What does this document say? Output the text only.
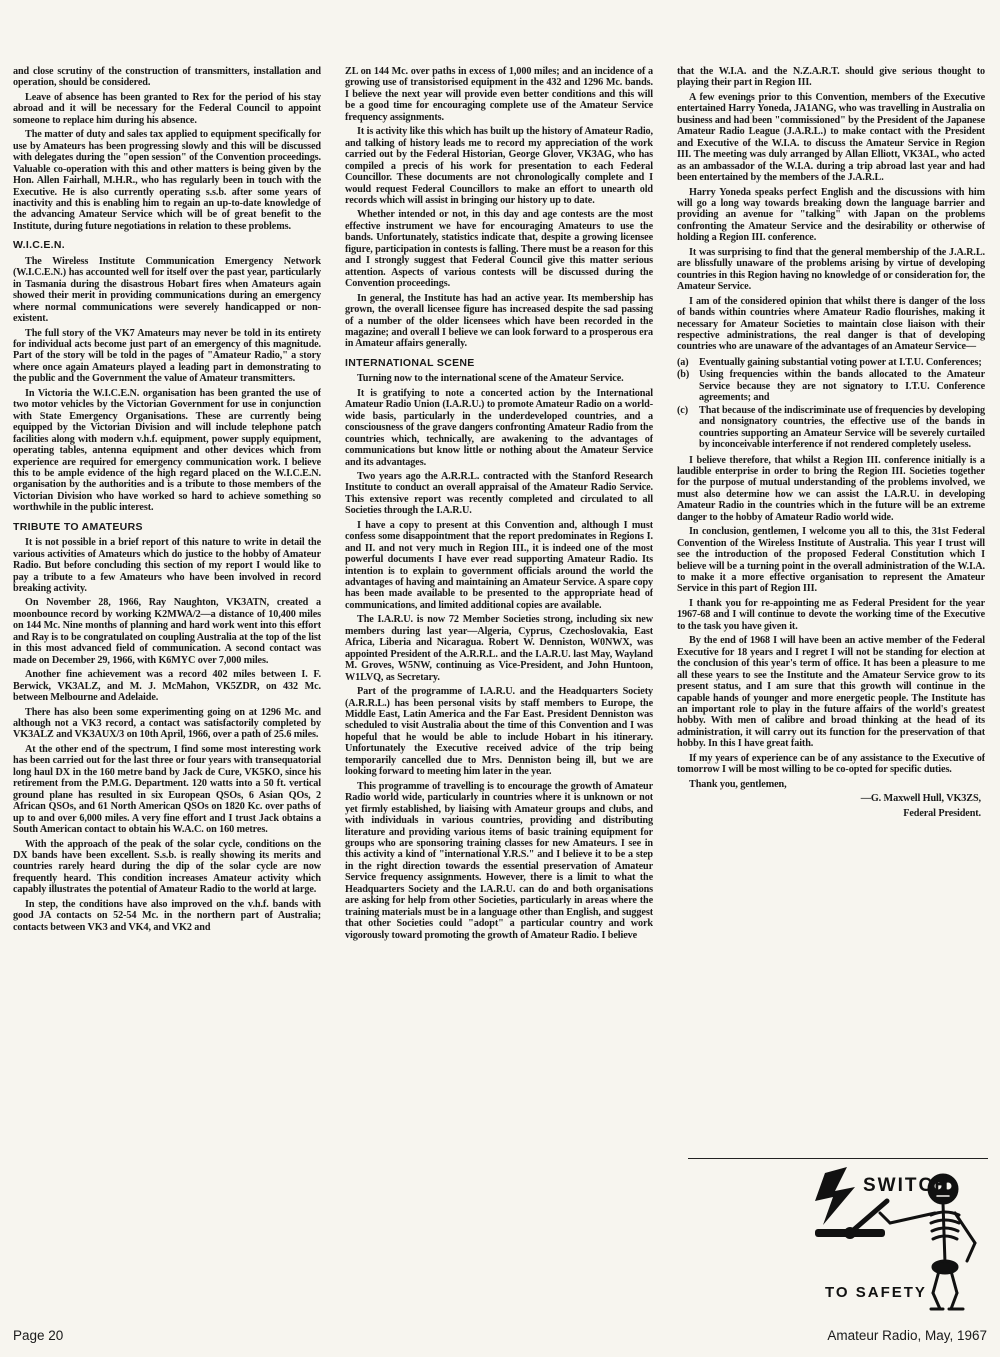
and close scrutiny of the construction of transmitters, installation and operation, should be considered.

Leave of absence has been granted to Rex for the period of his stay abroad and it will be necessary for the Federal Council to appoint someone to replace him during his absence.

The matter of duty and sales tax applied to equipment specifically for use by Amateurs has been progressing slowly and this will be discussed with delegates during the "open session" of the Convention proceedings. Valuable co-operation with this and other matters is being given by the Hon. Allen Fairhall, M.H.R., who has regularly been in touch with the Executive. He is also currently operating s.s.b. after some years of inactivity and this is enabling him to regain an up-to-date knowledge of the advancing Amateur Service which will be of great benefit to the Institute, during future negotiations in relation to these problems.

W.I.C.E.N.

The Wireless Institute Communication Emergency Network (W.I.C.E.N.) has accounted well for itself over the past year, particularly in Tasmania during the disastrous Hobart fires when Amateurs again showed their merit in providing communications during an emergency where normal communications were severely handicapped or non-existent.

The full story of the VK7 Amateurs may never be told in its entirety for individual acts become just part of an emergency of this magnitude. Part of the story will be told in the pages of "Amateur Radio," a story where once again Amateurs played a leading part in demonstrating to the public and the Government the value of Amateur transmitters.

In Victoria the W.I.C.E.N. organisation has been granted the use of two motor vehicles by the Victorian Government for use in conjunction with State Emergency Organisations. These are currently being equipped by the Victorian Division and will include telephone patch facilities along with modern v.h.f. equipment, power supply equipment, operating tables, antenna equipment and other devices which from experience are required for emergency communication work. I believe this to be ample evidence of the high regard placed on the W.I.C.E.N. organisation by the authorities and is a tribute to those members of the Victorian Division who have worked so hard to achieve something so worthwhile in the public interest.

TRIBUTE TO AMATEURS

It is not possible in a brief report of this nature to write in detail the various activities of Amateurs which do justice to the hobby of Amateur Radio. But before concluding this section of my report I would like to pay a tribute to a few Amateurs who have been involved in record breaking activity.

On November 28, 1966, Ray Naughton, VK3ATN, created a moonbounce record by working K2MWA/2—a distance of 10,400 miles on 144 Mc. Nine months of planning and hard work went into this effort and Ray is to be congratulated on coupling Australia at the top of the list in this most advanced field of communication. A second contact was made on December 29, 1966, with K6MYC over 7,000 miles.

Another fine achievement was a record 402 miles between I. F. Berwick, VK3ALZ, and M. J. McMahon, VK5ZDR, on 432 Mc. between Melbourne and Adelaide.

There has also been some experimenting going on at 1296 Mc. and although not a VK3 record, a contact was satisfactorily completed by VK3ALZ and VK3AUX/3 on 10th April, 1966, over a path of 25.6 miles.

At the other end of the spectrum, I find some most interesting work has been carried out for the last three or four years with transequatorial long haul DX in the 160 metre band by Jack de Cure, VK5KO, since his retirement from the P.M.G. Department. 120 watts into a 50 ft. vertical ground plane has resulted in six European QSOs, 6 Asian QOs, 2 African QSOs, and 61 North American QSOs on 1820 Kc. over paths of up to and over 6,000 miles. A very fine effort and I trust Jack obtains a South American contact to obtain his W.A.C. on 160 metres.

With the approach of the peak of the solar cycle, conditions on the DX bands have been excellent. S.s.b. is really showing its merits and countries rarely heard during the dip of the solar cycle are now frequently heard. This condition increases Amateur activity which capably illustrates the potential of Amateur Radio to the world at large.

In step, the conditions have also improved on the v.h.f. bands with good JA contacts on 52-54 Mc. in the northern part of Australia; contacts between VK3 and VK4, and VK2 and

ZL on 144 Mc. over paths in excess of 1,000 miles; and an incidence of a growing use of transistorised equipment in the 432 and 1296 Mc. bands. I believe the next year will provide even better conditions and this will be a good time for encouraging complete use of the Amateur Service frequency assignments.

It is activity like this which has built up the history of Amateur Radio, and talking of history leads me to record my appreciation of the work carried out by the Federal Historian, George Glover, VK3AG, who has compiled a precis of his work for presentation to each Federal Councillor. These documents are not chronologically complete and I would request Federal Councillors to make an effort to unearth old records which will assist in bringing our history up to date.

Whether intended or not, in this day and age contests are the most effective instrument we have for encouraging Amateurs to use the bands. Unfortunately, statistics indicate that, despite a growing licensee figure, participation in contests is falling. There must be a reason for this and I strongly suggest that Federal Council give this matter serious attention. Aspects of various contests will be discussed during the Convention proceedings.

In general, the Institute has had an active year. Its membership has grown, the overall licensee figure has increased despite the sad passing of a number of the older licensees which have been recorded in the magazine; and overall I believe we can look forward to a prosperous era in Amateur affairs generally.

INTERNATIONAL SCENE

Turning now to the international scene of the Amateur Service.

It is gratifying to note a concerted action by the International Amateur Radio Union (I.A.R.U.) to promote Amateur Radio on a world-wide basis, particularly in the underdeveloped countries, and a consciousness of the grave dangers confronting Amateur Radio from the countries which, technically, are awakening to the advantages of communications but know little or nothing about the Amateur Service and its advantages.

Two years ago the A.R.R.L. contracted with the Stanford Research Institute to conduct an overall appraisal of the Amateur Radio Service. This extensive report was recently completed and circulated to all Societies through the I.A.R.U.

I have a copy to present at this Convention and, although I must confess some disappointment that the report predominates in Regions I. and II. and not very much in Region III., it is indeed one of the most powerful documents I have ever read supporting Amateur Radio. Its intention is to explain to government officials around the world the advantages of having and maintaining an Amateur Service. A spare copy has been made available to be presented to the appropriate head of communications, and limited additional copies are available.

The I.A.R.U. is now 72 Member Societies strong, including six new members during last year—Algeria, Cyprus, Czechoslovakia, East Africa, Liberia and Nicaragua. Robert W. Denniston, W0NWX, was appointed President of the A.R.R.L. and the I.A.R.U. last May, Wayland M. Groves, W5NW, continuing as Vice-President, and John Huntoon, W1LVQ, as Secretary.

Part of the programme of I.A.R.U. and the Headquarters Society (A.R.R.L.) has been personal visits by staff members to Europe, the Middle East, Latin America and the Far East. President Denniston was scheduled to visit Australia about the time of this Convention and I was hopeful that he would be able to include Hobart in his itinerary. Unfortunately the Executive received advice of the trip being temporarily cancelled due to Mrs. Denniston being ill, but we are looking forward to meeting him later in the year.

This programme of travelling is to encourage the growth of Amateur Radio world wide, particularly in countries where it is unknown or not yet firmly established, by liaising with Amateur groups and clubs, and with individuals in various countries, providing and distributing literature and providing various items of basic training equipment for groups who are sponsoring training classes for new Amateurs. I see in this activity a kind of "international Y.R.S." and I believe it to be a step in the right direction towards the essential preservation of Amateur Service frequency assignments. However, there is a limit to what the Headquarters Society and the I.A.R.U. can do and both organisations are asking for help from other Societies, particularly in areas where the training materials must be in a language other than English, and suggest that other Societies could "adopt" a particular country and work vigorously toward promoting the growth of Amateur Radio. I believe

that the W.I.A. and the N.Z.A.R.T. should give serious thought to playing their part in Region III.

A few evenings prior to this Convention, members of the Executive entertained Harry Yoneda, JA1ANG, who was travelling in Australia on business and had been "commissioned" by the President of the Japanese Amateur Radio League (J.A.R.L.) to make contact with the President and Executive of the W.I.A. to discuss the Amateur Service in Region III. The meeting was duly arranged by Allan Elliott, VK3AL, who acted as an ambassador of the W.I.A. during a trip abroad last year and had been entertained by the members of the J.A.R.L.

Harry Yoneda speaks perfect English and the discussions with him will go a long way towards breaking down the language barrier and providing an avenue for "talking" with Japan on the problems confronting the Amateur Service and the desirability or otherwise of holding a Region III. conference.

It was surprising to find that the general membership of the J.A.R.L. are blissfully unaware of the problems arising by virtue of developing countries in this Region having no knowledge of or consideration for, the Amateur Service.

I am of the considered opinion that whilst there is danger of the loss of bands within countries where Amateur Radio flourishes, making it necessary for Amateur Societies to maintain close liaison with their respective administrations, the real danger is that of developing countries who are unaware of the advantages of an Amateur Service—

(a)	Eventually gaining substantial voting power at I.T.U. Conferences;
(b) Using frequencies within the bands allocated to the Amateur Service because they are not signatory to I.T.U. Conference agreements; and
(c)	That because of the indiscriminate use of frequencies by developing and nonsignatory countries, the effective use of the bands in countries supporting an Amateur Service will be severely curtailed by inconceivable interference if not rendered completely useless.

I believe therefore, that whilst a Region III. conference initially is a laudible enterprise in order to bring the Region III. Societies together for the purpose of mutual understanding of the problems involved, we must also determine how we can assist the I.A.R.U. in developing Amateur Radio in the countries which in the future will be an extreme danger to the hobby of Amateur Radio world wide.

In conclusion, gentlemen, I welcome you all to this, the 31st Federal Convention of the Wireless Institute of Australia. This year I trust will see the introduction of the proposed Federal Constitution which I believe will be a turning point in the overall administration of the W.I.A. to make it a more effective organisation to represent the Amateur Service in this part of Region III.

I thank you for re-appointing me as Federal President for the year 1967-68 and I will continue to devote the working time of the Executive to the task you have given it.

By the end of 1968 I will have been an active member of the Federal Executive for 18 years and I regret I will not be standing for election at the conclusion of this year's term of office. It has been a pleasure to me all these years to see the Institute and the Amateur Service grow to its present status, and I am sure that this growth will continue in the capable hands of younger and more energetic people. The Institute has an important role to play in the future affairs of the world's greatest hobby. With men of calibre and broad thinking at the head of its administration, it will carry out its function for the preservation of that hobby. In this I have great faith.

If my years of experience can be of any assistance to the Executive of tomorrow I will be most willing to be co-opted for specific duties.

Thank you, gentlemen,

—G. Maxwell Hull, VK3ZS,

Federal President.

SWITCH
TO SAFETY
Page 20	Amateur Radio, May, 1967
